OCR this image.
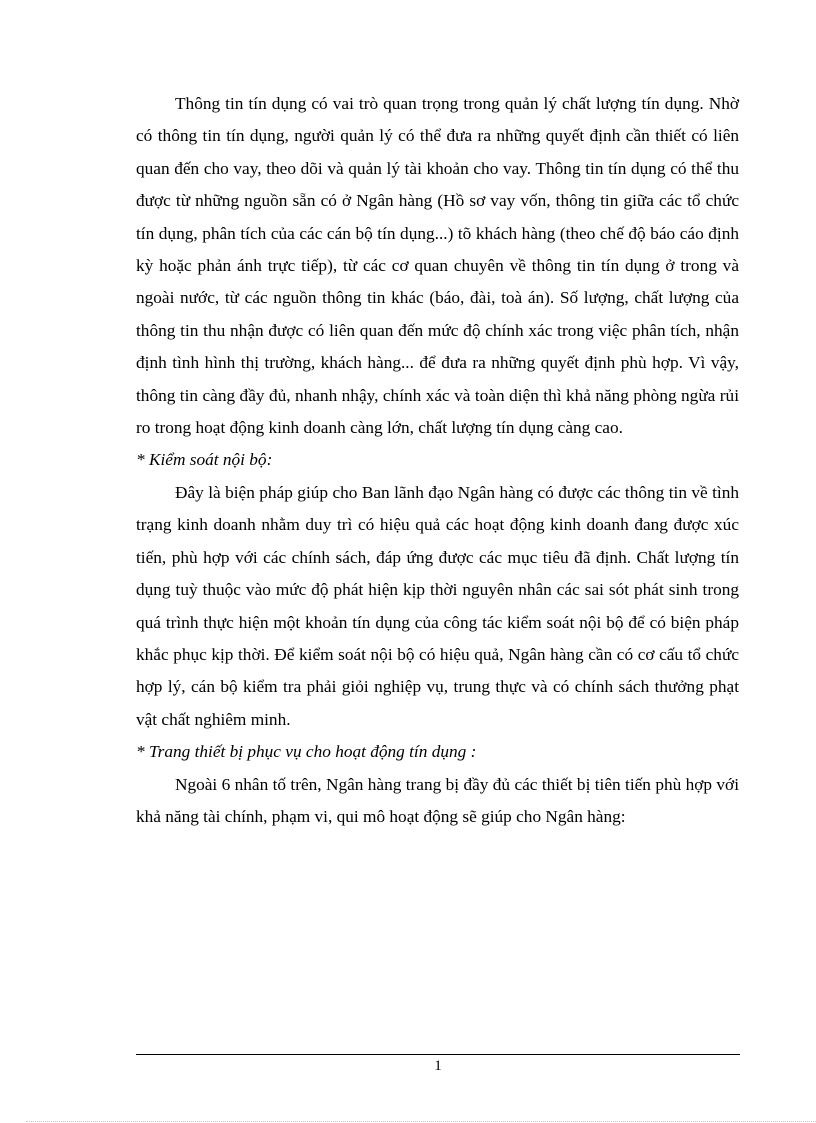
Thông tin tín dụng có vai trò quan trọng trong quản lý chất lượng tín dụng. Nhờ có thông tin tín dụng, người quản lý có thể đưa ra những quyết định cần thiết có liên quan đến cho vay, theo dõi và quản lý tài khoản cho vay. Thông tin tín dụng có thể thu được từ những nguồn sẵn có ở Ngân hàng (Hồ sơ vay vốn, thông tin giữa các tổ chức tín dụng, phân tích của các cán bộ tín dụng...) tõ khách hàng (theo chế độ báo cáo định kỳ hoặc phản ánh trực tiếp), từ các cơ quan chuyên về thông tin tín dụng ở trong và ngoài nước, từ các nguồn thông tin khác (báo, đài, toà án). Số lượng, chất lượng của thông tin thu nhận được có liên quan đến mức độ chính xác trong việc phân tích, nhận định tình hình thị trường, khách hàng... để đưa ra những quyết định phù hợp. Vì vậy, thông tin càng đầy đủ, nhanh nhậy, chính xác và toàn diện thì khả năng phòng ngừa rủi ro trong hoạt động kinh doanh càng lớn, chất lượng tín dụng càng cao.

* Kiểm soát nội bộ:

Đây là biện pháp giúp cho Ban lãnh đạo Ngân hàng có được các thông tin về tình trạng kinh doanh nhằm duy trì có hiệu quả các hoạt động kinh doanh đang được xúc tiến, phù hợp với các chính sách, đáp ứng được các mục tiêu đã định. Chất lượng tín dụng tuỳ thuộc vào mức độ phát hiện kịp thời nguyên nhân các sai sót phát sinh trong quá trình thực hiện một khoản tín dụng của công tác kiểm soát nội bộ để có biện pháp khắc phục kịp thời. Để kiểm soát nội bộ có hiệu quả, Ngân hàng cần có cơ cấu tổ chức hợp lý, cán bộ kiểm tra phải giỏi nghiệp vụ, trung thực và có chính sách thưởng phạt vật chất nghiêm minh.

* Trang thiết bị phục vụ cho hoạt động tín dụng :

Ngoài 6 nhân tố trên, Ngân hàng trang bị đầy đủ các thiết bị tiên tiến phù hợp với khả năng tài chính, phạm vi, qui mô hoạt động sẽ giúp cho Ngân hàng:

1
